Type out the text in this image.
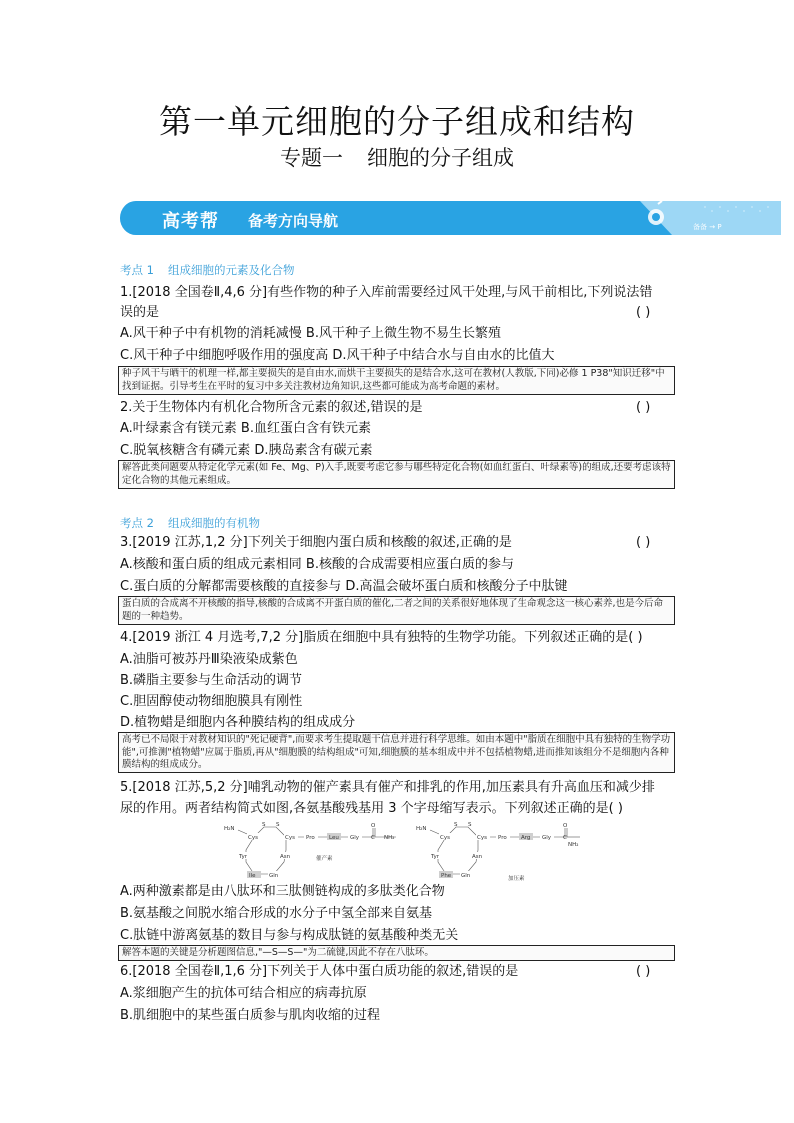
第一单元细胞的分子组成和结构
专题一 细胞的分子组成
高考帮 备考方向导航	备备 → P
考点 1 组成细胞的元素及化合物
1.[2018 全国卷Ⅱ,4,6 分]有些作物的种子入库前需要经过风干处理,与风干前相比,下列说法错
误的是	( )
A.风干种子中有机物的消耗减慢 B.风干种子上微生物不易生长繁殖
C.风干种子中细胞呼吸作用的强度高 D.风干种子中结合水与自由水的比值大
种子风干与晒干的机理一样,都主要损失的是自由水,而烘干主要损失的是结合水,这可在教材(人教版,下同)必修 1 P38"知识迁移"中找到证据。引导考生在平时的复习中多关注教材边角知识,这些都可能成为高考命题的素材。
2.关于生物体内有机化合物所含元素的叙述,错误的是	( )
A.叶绿素含有镁元素 B.血红蛋白含有铁元素
C.脱氧核糖含有磷元素 D.胰岛素含有碳元素
解答此类问题要从特定化学元素(如 Fe、Mg、P)入手,既要考虑它参与哪些特定化合物(如血红蛋白、叶绿素等)的组成,还要考虑该特定化合物的其他元素组成。
考点 2 组成细胞的有机物
3.[2019 江苏,1,2 分]下列关于细胞内蛋白质和核酸的叙述,正确的是	( )
A.核酸和蛋白质的组成元素相同 B.核酸的合成需要相应蛋白质的参与
C.蛋白质的分解都需要核酸的直接参与 D.高温会破坏蛋白质和核酸分子中肽键
蛋白质的合成离不开核酸的指导,核酸的合成离不开蛋白质的催化,二者之间的关系很好地体现了生命观念这一核心素养,也是今后命题的一种趋势。
4.[2019 浙江 4 月选考,7,2 分]脂质在细胞中具有独特的生物学功能。下列叙述正确的是( )
A.油脂可被苏丹Ⅲ染液染成紫色
B.磷脂主要参与生命活动的调节
C.胆固醇使动物细胞膜具有刚性
D.植物蜡是细胞内各种膜结构的组成成分
高考已不局限于对教材知识的"死记硬背",而要求考生提取题干信息并进行科学思维。如由本题中"脂质在细胞中具有独特的生物学功能",可推测"植物蜡"应属于脂质,再从"细胞膜的结构组成"可知,细胞膜的基本组成中并不包括植物蜡,进而推知该组分不是细胞内各种膜结构的组成成分。
5.[2018 江苏,5,2 分]哺乳动物的催产素具有催产和排乳的作用,加压素具有升高血压和减少排
尿的作用。两者结构简式如图,各氨基酸残基用 3 个字母缩写表示。下列叙述正确的是( )
Cys
Tyr
Ile Gln
Asn
Cys Pro	Leu Gly
S S
H₂N
C
O
NH₂
催产素
Cys
Tyr
Phe Gln
Asn
Cys Pro	Arg Gly
S S
H₂N
C
O
NH₂
加压素
A.两种激素都是由八肽环和三肽侧链构成的多肽类化合物
B.氨基酸之间脱水缩合形成的水分子中氢全部来自氨基
C.肽链中游离氨基的数目与参与构成肽链的氨基酸种类无关
解答本题的关键是分析题图信息,"—S—S—"为二硫键,因此不存在八肽环。
6.[2018 全国卷Ⅱ,1,6 分]下列关于人体中蛋白质功能的叙述,错误的是	( )
A.浆细胞产生的抗体可结合相应的病毒抗原
B.肌细胞中的某些蛋白质参与肌肉收缩的过程
